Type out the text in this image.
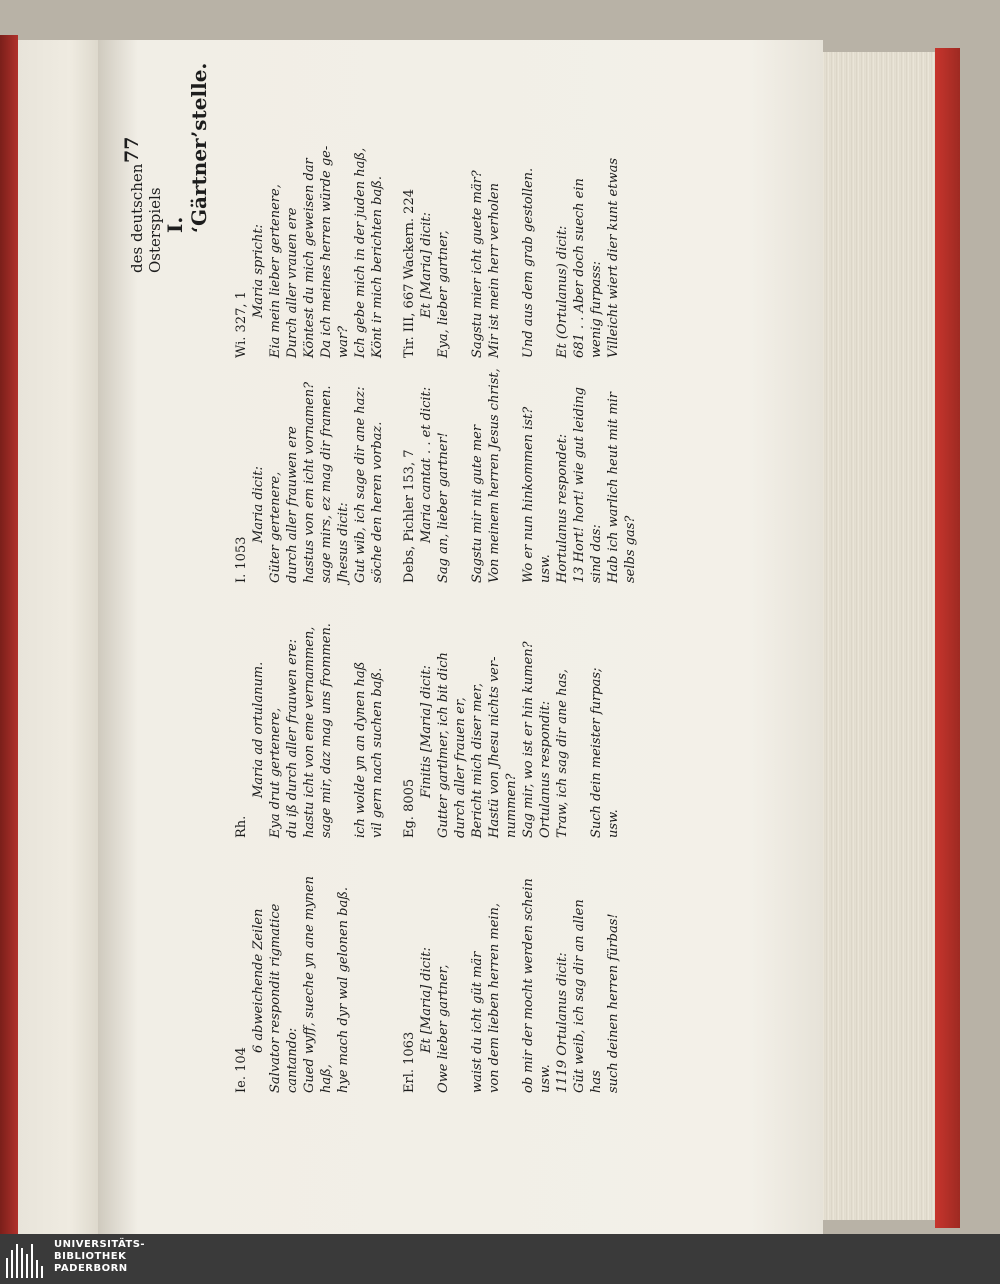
des deutschen Osterspiels
77
I. ‘Gärtner’stelle.
Ie. 104
6 abweichende Zeilen Salvator respondit rigmatice cantando: Gued wyff, sueche yn ane mynen haß, hye mach dyr wal gelonen baß.
Rh.
Maria ad ortulanum. Eya drut gertenere, du iß durch aller frauwen ere: hastu icht von eme vernammen, sage mir, daz mag uns frommen.
ich wolde yn an dynen haß vil gern nach suchen baß.
I. 1053
Maria dicit: Güter gertenere, durch aller frauwen ere hastus von em icht vornamen? sage mirs, ez mag dir framen. Jhesus dicit: Gut wib, ich sage dir ane haz: söche den heren vorbaz.
Wi. 327, 1
Maria spricht: Eia mein lieber gertenere, Durch aller vrauen ere Köntest du mich geweisen dar Da ich meines herren würde ge- war? Ich gebe mich in der juden haß, Könt ir mich berichten baß.
Erl. 1063
Et [Maria] dicit: Owe lieber gartner,
waist du icht güt mär von dem lieben herren mein,
ob mir der mocht werden schein usw. 1119 Ortulanus dicit: Güt weib, ich sag dir an allen has such deinen herren fürbas!
Eg. 8005
Finitis [Maria] dicit: Gutter gartlmer, ich bit dich durch aller frauen er, Bericht mich diser mer, Hastü von Jhesu nichts ver- nummen? Sag mir, wo ist er hin kumen? Ortulanus respondit: Traw, ich sag dir ane has,
Such dein meister furpas; usw.
Debs, Pichler 153, 7 Maria cantat . . et dicit: Sag an, lieber gartner!
Sagstu mir nit gute mer Von meinem herren Jesus christ,
Wo er nun hinkommen ist? usw. Hortulanus respondet: 13 Hort! hort! wie gut leiding sind das: Hab ich warlich heut mit mir selbs gas?
Tir. III, 667 Wackern. 224 Et [Maria] dicit: Eya, lieber gartner,
Sagstu mier icht guete mär? Mir ist mein herr verholen
Und aus dem grab gestollen.
Et (Ortulanus) dicit: 681 . . Aber doch suech ein wenig furpass: Villeicht wiert dier kunt etwas
UNIVERSITÄTS-
BIBLIOTHEK
PADERBORN
